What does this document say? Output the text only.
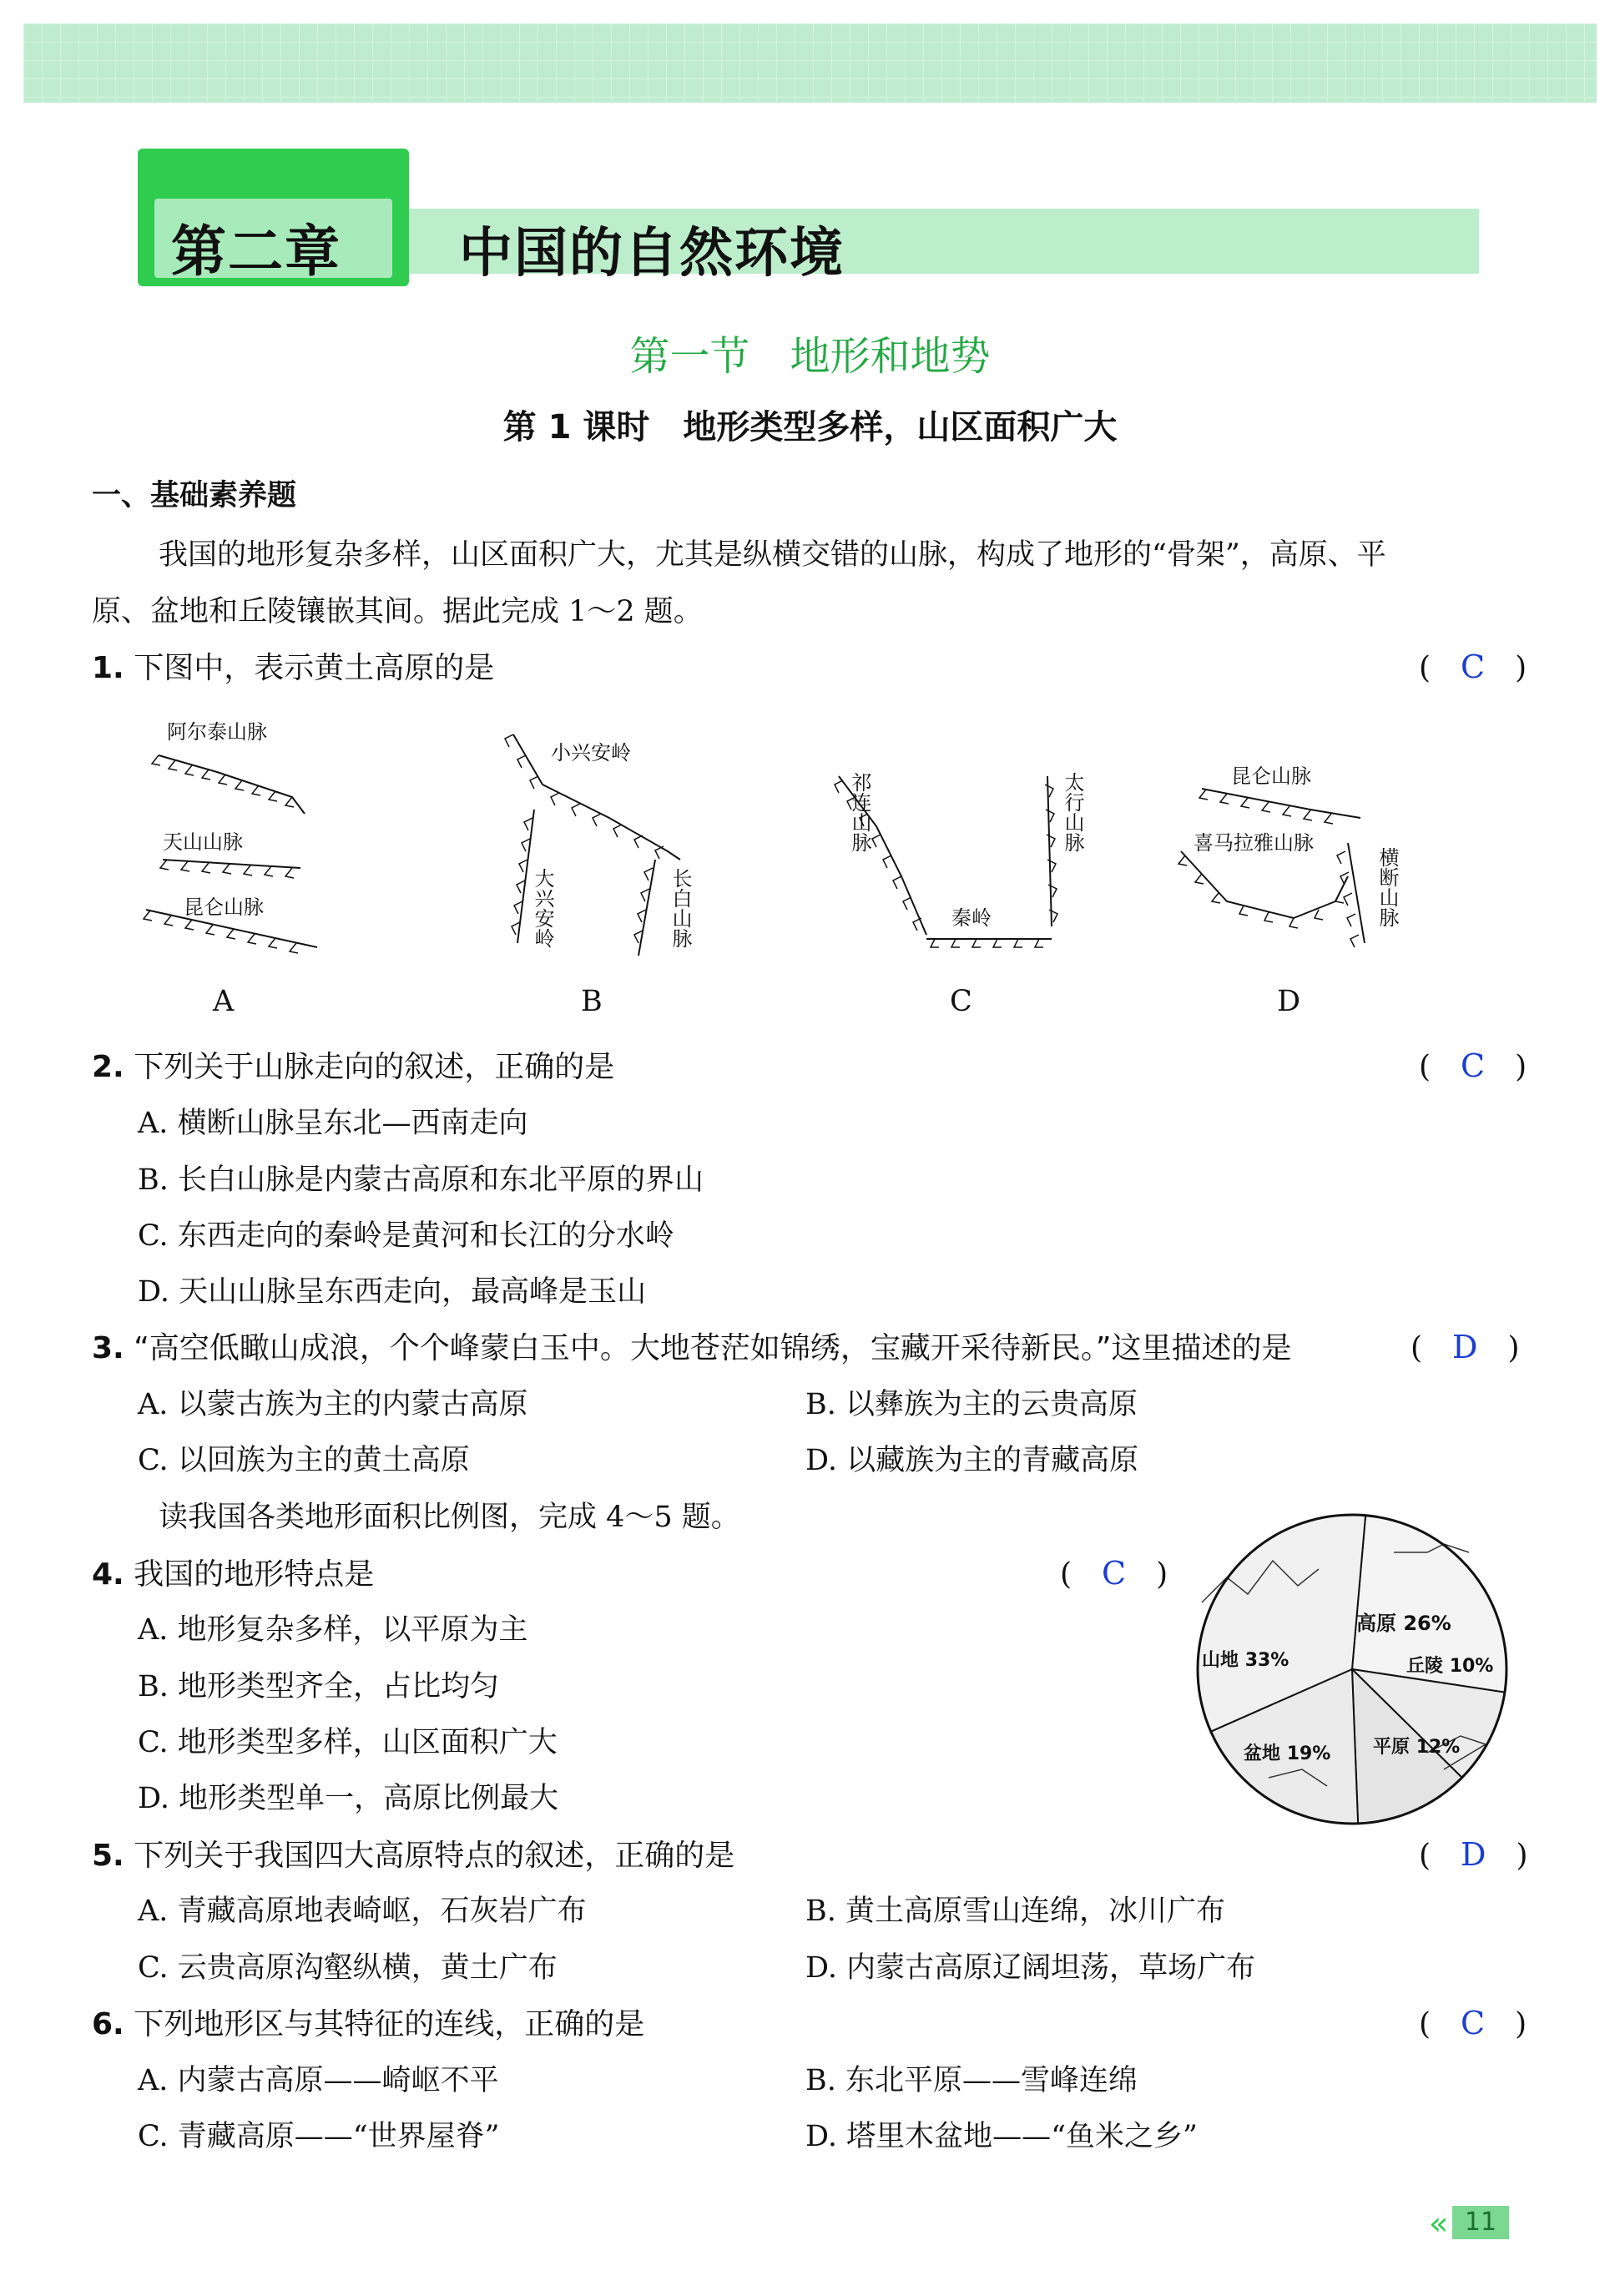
第二章 中国的自然环境
第一节　地形和地势
第 1 课时　地形类型多样，山区面积广大
一、基础素养题
我国的地形复杂多样，山区面积广大，尤其是纵横交错的山脉，构成了地形的“骨架”，高原、平
原、盆地和丘陵镶嵌其间。据此完成 1～2 题。
1. 下图中，表示黄土高原的是	(　C　)
阿尔泰山脉
天山山脉
昆仑山脉
A
小兴安岭
大兴安岭	长白山脉
B
祁连山脉	太行山脉
秦岭
C
昆仑山脉
喜马拉雅山脉
横断山脉
D
2. 下列关于山脉走向的叙述，正确的是	(　C　)
A. 横断山脉呈东北—西南走向
B. 长白山脉是内蒙古高原和东北平原的界山
C. 东西走向的秦岭是黄河和长江的分水岭
D. 天山山脉呈东西走向，最高峰是玉山
3. “高空低瞰山成浪，个个峰蒙白玉中。大地苍茫如锦绣，宝藏开采待新民。”这里描述的是	(　D　)
A. 以蒙古族为主的内蒙古高原	B. 以彝族为主的云贵高原
C. 以回族为主的黄土高原	D. 以藏族为主的青藏高原
读我国各类地形面积比例图，完成 4～5 题。
4. 我国的地形特点是	(　C　)
A. 地形复杂多样，以平原为主
B. 地形类型齐全，占比均匀
C. 地形类型多样，山区面积广大
D. 地形类型单一，高原比例最大
高原 26%
丘陵 10%
平原 12%
盆地 19%
山地 33%
5. 下列关于我国四大高原特点的叙述，正确的是	(　D　)
A. 青藏高原地表崎岖，石灰岩广布	B. 黄土高原雪山连绵，冰川广布
C. 云贵高原沟壑纵横，黄土广布	D. 内蒙古高原辽阔坦荡，草场广布
6. 下列地形区与其特征的连线，正确的是	(　C　)
A. 内蒙古高原——崎岖不平	B. 东北平原——雪峰连绵
C. 青藏高原——“世界屋脊”	D. 塔里木盆地——“鱼米之乡”
« 11
